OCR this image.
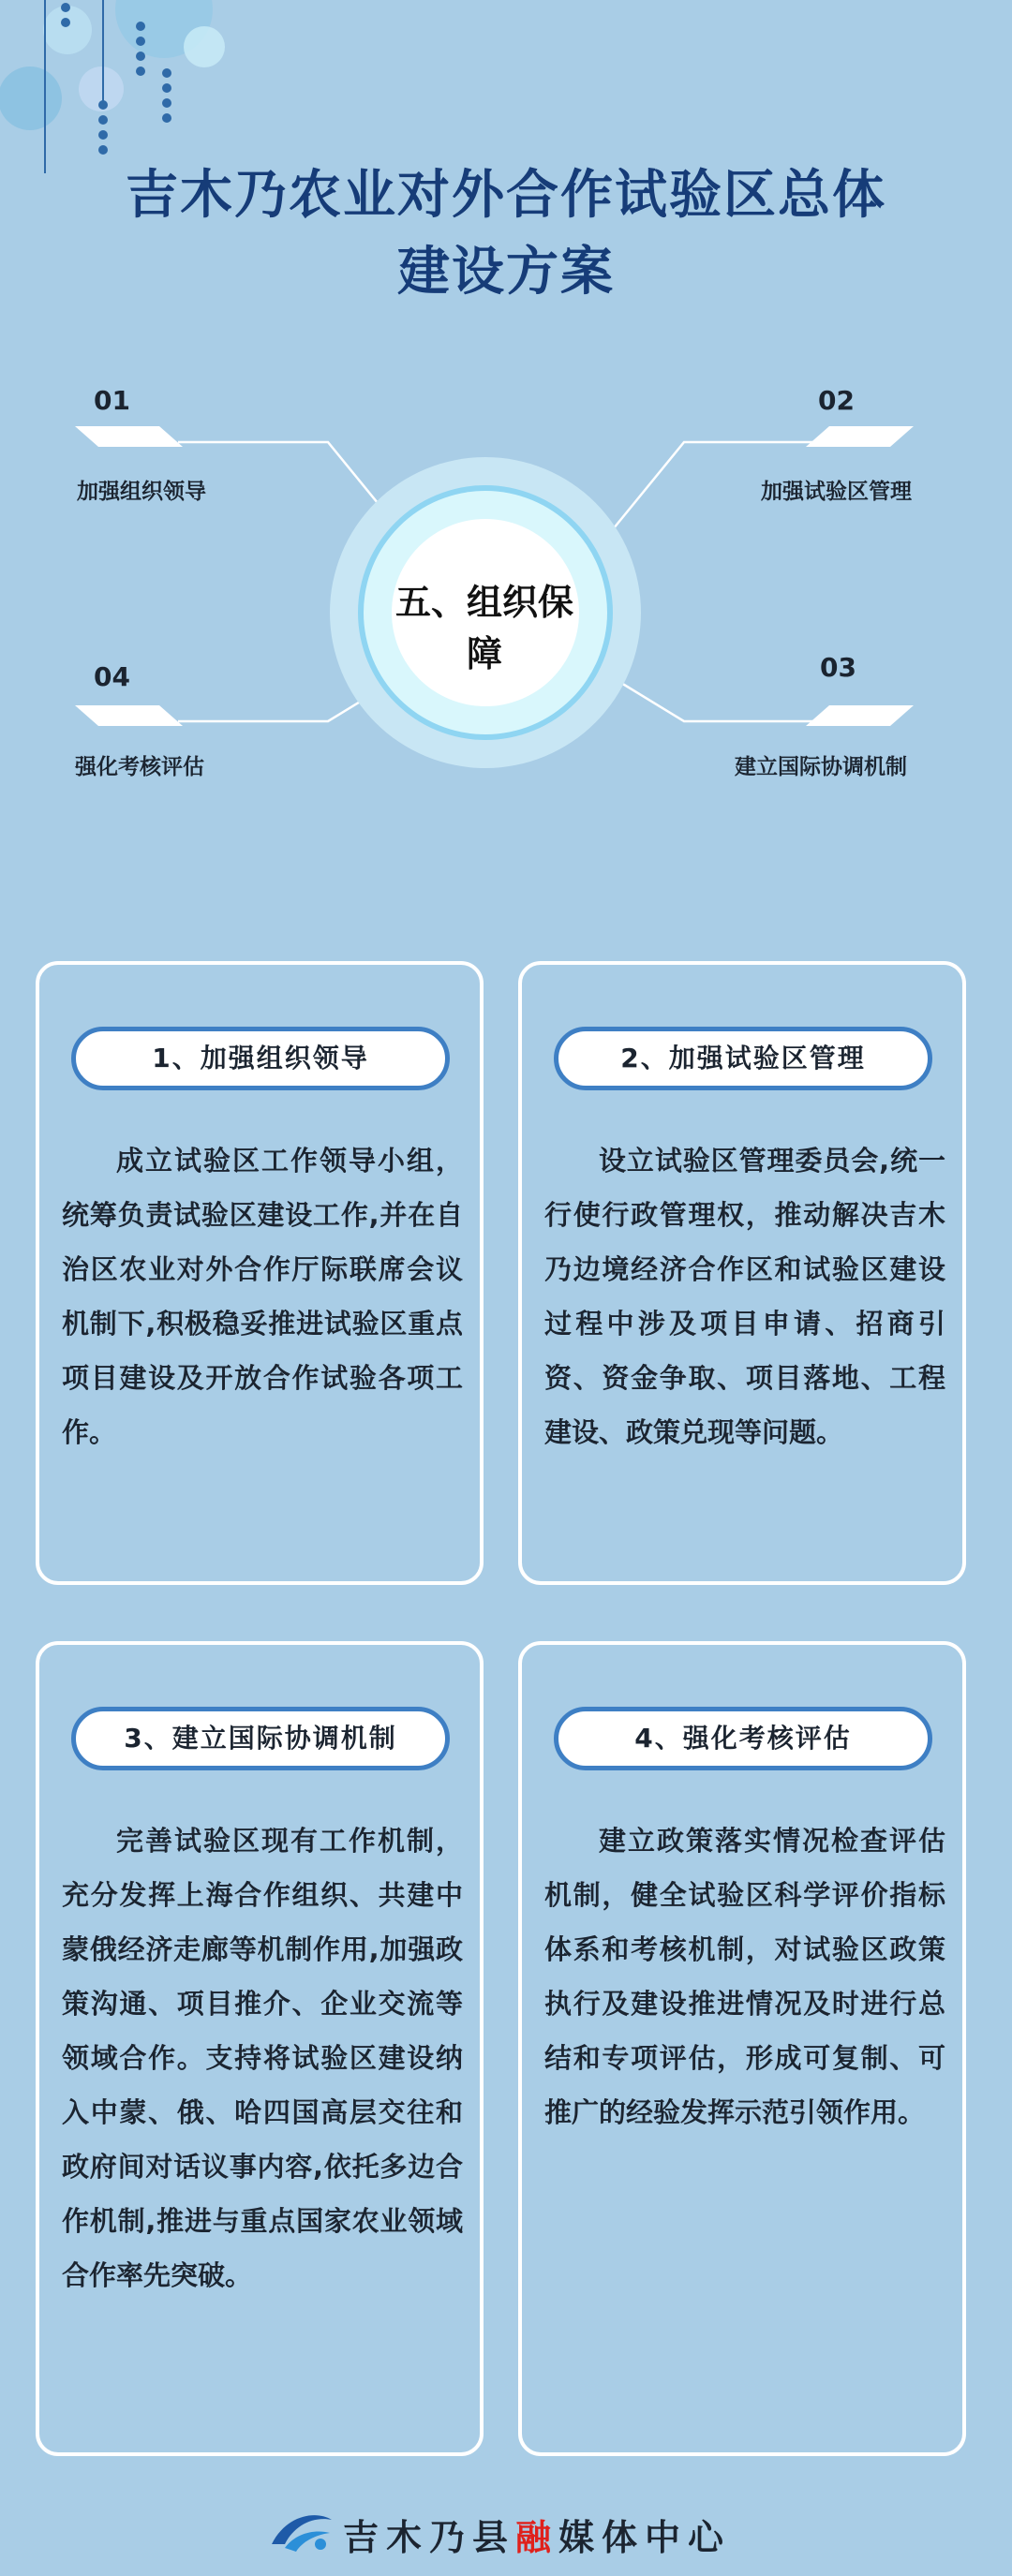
吉木乃农业对外合作试验区总体
建设方案
01
加强组织领导
02
加强试验区管理
03
建立国际协调机制
04
强化考核评估
五、组织保障
1、加强组织领导
成立试验区工作领导小组，统筹负责试验区建设工作,并在自治区农业对外合作厅际联席会议机制下,积极稳妥推进试验区重点项目建设及开放合作试验各项工作。
2、加强试验区管理
设立试验区管理委员会,统一行使行政管理权，推动解决吉木乃边境经济合作区和试验区建设过程中涉及项目申请、招商引资、资金争取、项目落地、工程建设、政策兑现等问题。
3、建立国际协调机制
完善试验区现有工作机制，充分发挥上海合作组织、共建中蒙俄经济走廊等机制作用,加强政策沟通、项目推介、企业交流等领域合作。支持将试验区建设纳入中蒙、俄、哈四国高层交往和政府间对话议事内容,依托多边合作机制,推进与重点国家农业领域合作率先突破。
4、强化考核评估
建立政策落实情况检查评估机制，健全试验区科学评价指标体系和考核机制，对试验区政策执行及建设推进情况及时进行总结和专项评估，形成可复制、可推广的经验发挥示范引领作用。
吉木乃县融媒体中心
